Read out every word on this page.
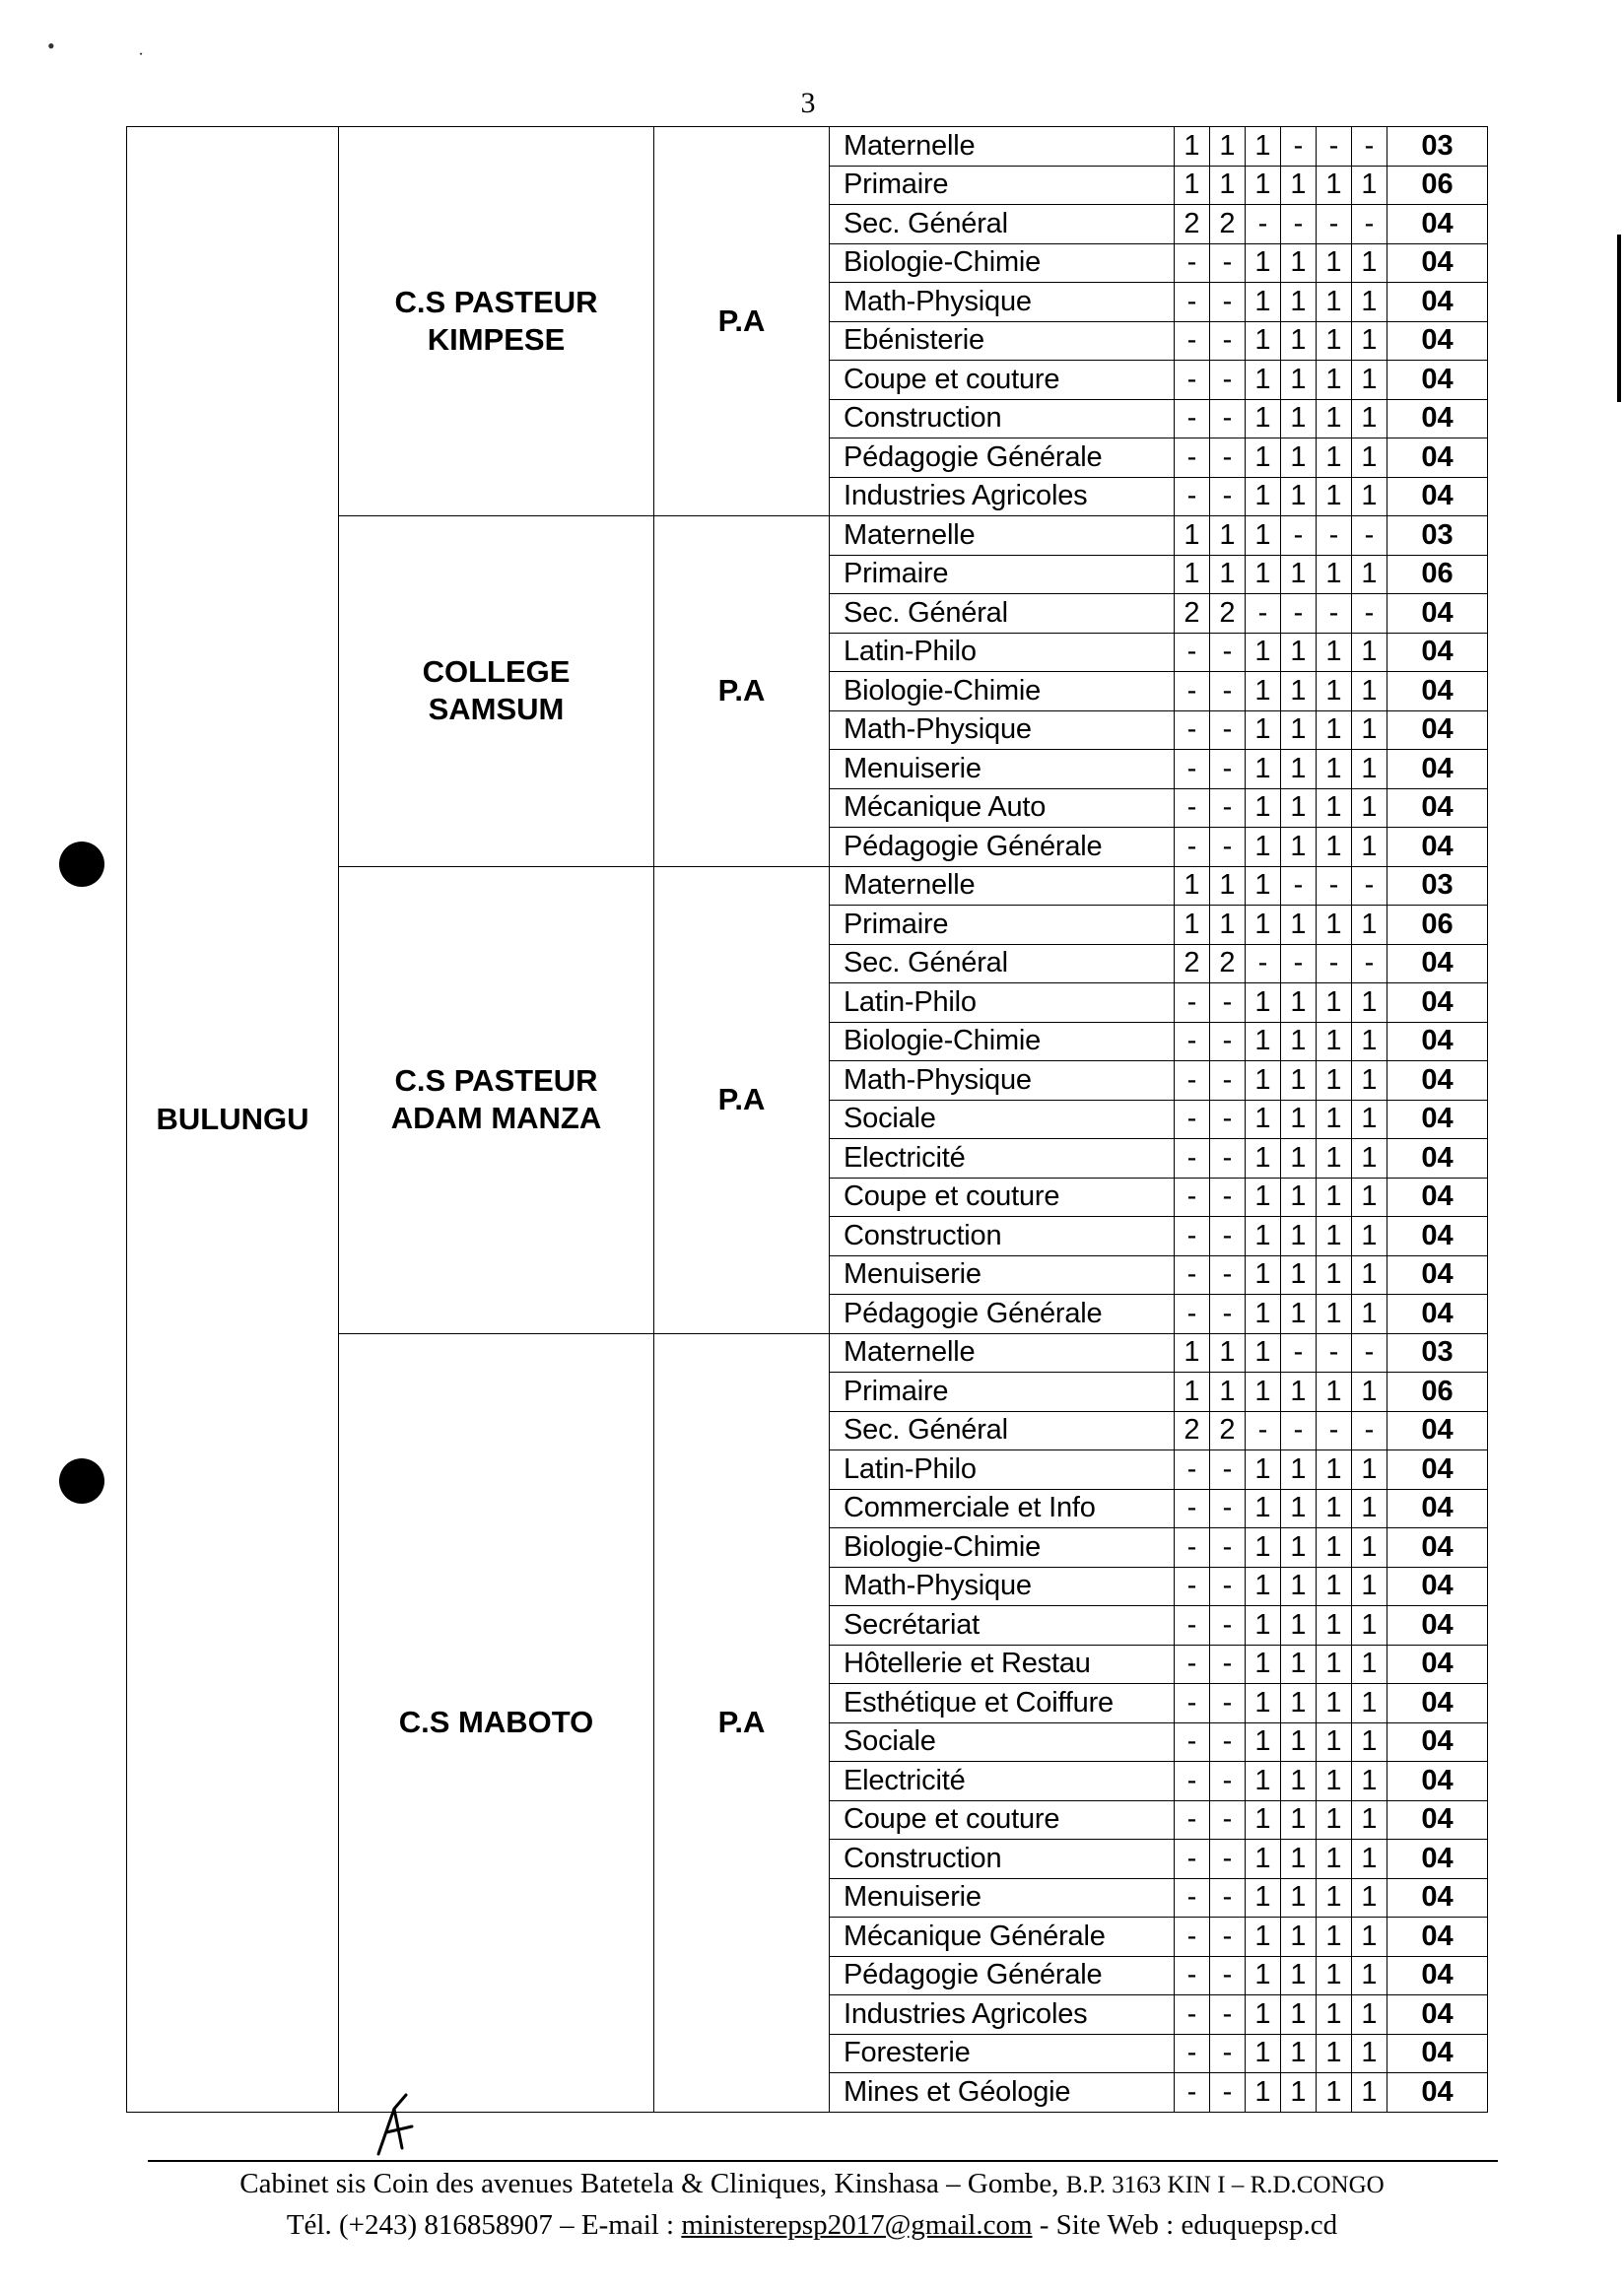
•	ˑ
3
BULUNGU	C.S PASTEUR KIMPESE	P.A	Maternelle	1	1	1	-	-	-	03
			Primaire	1	1	1	1	1	1	06
			Sec. Général	2	2	-	-	-	-	04
			Biologie-Chimie	-	-	1	1	1	1	04
			Math-Physique	-	-	1	1	1	1	04
			Ebénisterie	-	-	1	1	1	1	04
			Coupe et couture	-	-	1	1	1	1	04
			Construction	-	-	1	1	1	1	04
			Pédagogie Générale	-	-	1	1	1	1	04
			Industries Agricoles	-	-	1	1	1	1	04
	COLLEGE SAMSUM	P.A	Maternelle	1	1	1	-	-	-	03
			Primaire	1	1	1	1	1	1	06
			Sec. Général	2	2	-	-	-	-	04
			Latin-Philo	-	-	1	1	1	1	04
			Biologie-Chimie	-	-	1	1	1	1	04
			Math-Physique	-	-	1	1	1	1	04
			Menuiserie	-	-	1	1	1	1	04
			Mécanique Auto	-	-	1	1	1	1	04
			Pédagogie Générale	-	-	1	1	1	1	04
	C.S PASTEUR ADAM MANZA	P.A	Maternelle	1	1	1	-	-	-	03
			Primaire	1	1	1	1	1	1	06
			Sec. Général	2	2	-	-	-	-	04
			Latin-Philo	-	-	1	1	1	1	04
			Biologie-Chimie	-	-	1	1	1	1	04
			Math-Physique	-	-	1	1	1	1	04
			Sociale	-	-	1	1	1	1	04
			Electricité	-	-	1	1	1	1	04
			Coupe et couture	-	-	1	1	1	1	04
			Construction	-	-	1	1	1	1	04
			Menuiserie	-	-	1	1	1	1	04
			Pédagogie Générale	-	-	1	1	1	1	04
	C.S MABOTO	P.A	Maternelle	1	1	1	-	-	-	03
			Primaire	1	1	1	1	1	1	06
			Sec. Général	2	2	-	-	-	-	04
			Latin-Philo	-	-	1	1	1	1	04
			Commerciale et Info	-	-	1	1	1	1	04
			Biologie-Chimie	-	-	1	1	1	1	04
			Math-Physique	-	-	1	1	1	1	04
			Secrétariat	-	-	1	1	1	1	04
			Hôtellerie et Restau	-	-	1	1	1	1	04
			Esthétique et Coiffure	-	-	1	1	1	1	04
			Sociale	-	-	1	1	1	1	04
			Electricité	-	-	1	1	1	1	04
			Coupe et couture	-	-	1	1	1	1	04
			Construction	-	-	1	1	1	1	04
			Menuiserie	-	-	1	1	1	1	04
			Mécanique Générale	-	-	1	1	1	1	04
			Pédagogie Générale	-	-	1	1	1	1	04
			Industries Agricoles	-	-	1	1	1	1	04
			Foresterie	-	-	1	1	1	1	04
			Mines et Géologie	-	-	1	1	1	1	04
Cabinet sis Coin des avenues Batetela & Cliniques, Kinshasa – Gombe, B.P. 3163 KIN I – R.D.CONGO
Tél. (+243) 816858907 – E-mail : ministerepsp2017@gmail.com - Site Web : eduquepsp.cd
